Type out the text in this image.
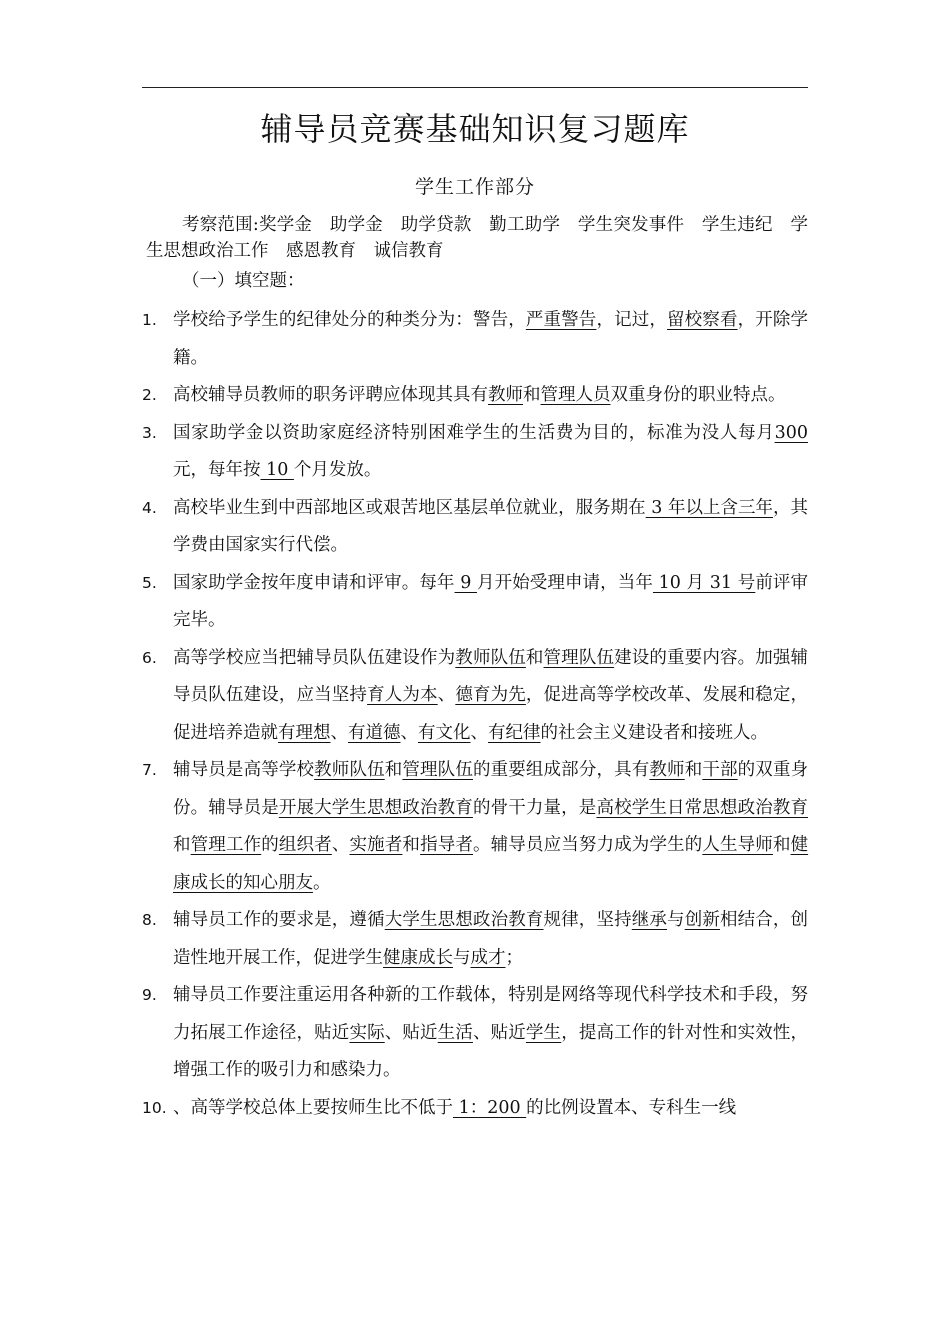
辅导员竞赛基础知识复习题库
学生工作部分
考察范围:奖学金　助学金　助学贷款　勤工助学　学生突发事件　学生违纪　学生思想政治工作　感恩教育　诚信教育
（一）填空题：
1. 学校给予学生的纪律处分的种类分为：警告，严重警告，记过，留校察看，开除学籍。
2. 高校辅导员教师的职务评聘应体现其具有教师和管理人员双重身份的职业特点。
3. 国家助学金以资助家庭经济特别困难学生的生活费为目的，标准为没人每月300 元，每年按 10 个月发放。
4. 高校毕业生到中西部地区或艰苦地区基层单位就业，服务期在 3 年以上含三年，其学费由国家实行代偿。
5. 国家助学金按年度申请和评审。每年 9 月开始受理申请，当年 10 月 31 号前评审完毕。
6. 高等学校应当把辅导员队伍建设作为教师队伍和管理队伍建设的重要内容。加强辅导员队伍建设，应当坚持育人为本、德育为先，促进高等学校改革、发展和稳定，促进培养造就有理想、有道德、有文化、有纪律的社会主义建设者和接班人。
7. 辅导员是高等学校教师队伍和管理队伍的重要组成部分，具有教师和干部的双重身份。辅导员是开展大学生思想政治教育的骨干力量，是高校学生日常思想政治教育和管理工作的组织者、实施者和指导者。辅导员应当努力成为学生的人生导师和健康成长的知心朋友。
8. 辅导员工作的要求是，遵循大学生思想政治教育规律，坚持继承与创新相结合，创造性地开展工作，促进学生健康成长与成才；
9. 辅导员工作要注重运用各种新的工作载体，特别是网络等现代科学技术和手段，努力拓展工作途径，贴近实际、贴近生活、贴近学生，提高工作的针对性和实效性，增强工作的吸引力和感染力。
10. 、高等学校总体上要按师生比不低于 1：200 的比例设置本、专科生一线
